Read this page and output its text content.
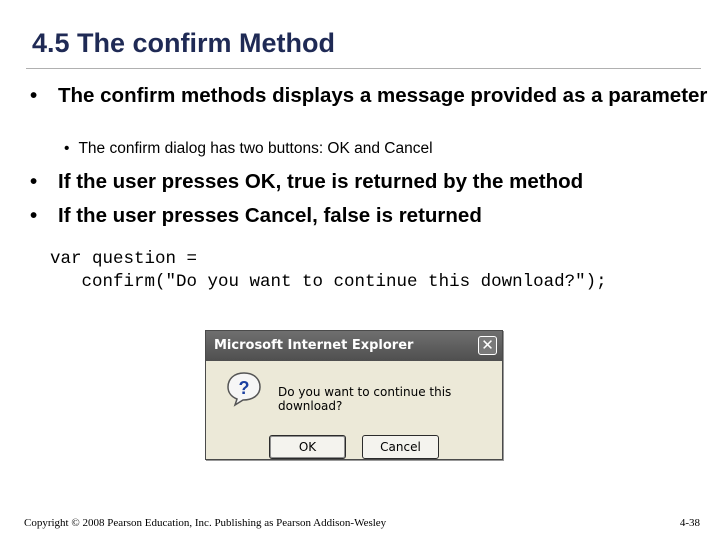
4.5 The confirm Method
•	The confirm methods displays a message provided as a parameter
• The confirm dialog has two buttons: OK and Cancel
•	If the user presses OK, true is returned by the method
•	If the user presses Cancel, false is returned
var question =
confirm("Do you want to continue this download?");
Microsoft Internet Explorer	✕
? Do you want to continue this download?
OK	Cancel
Copyright © 2008 Pearson Education, Inc. Publishing as Pearson Addison-Wesley	4-38
